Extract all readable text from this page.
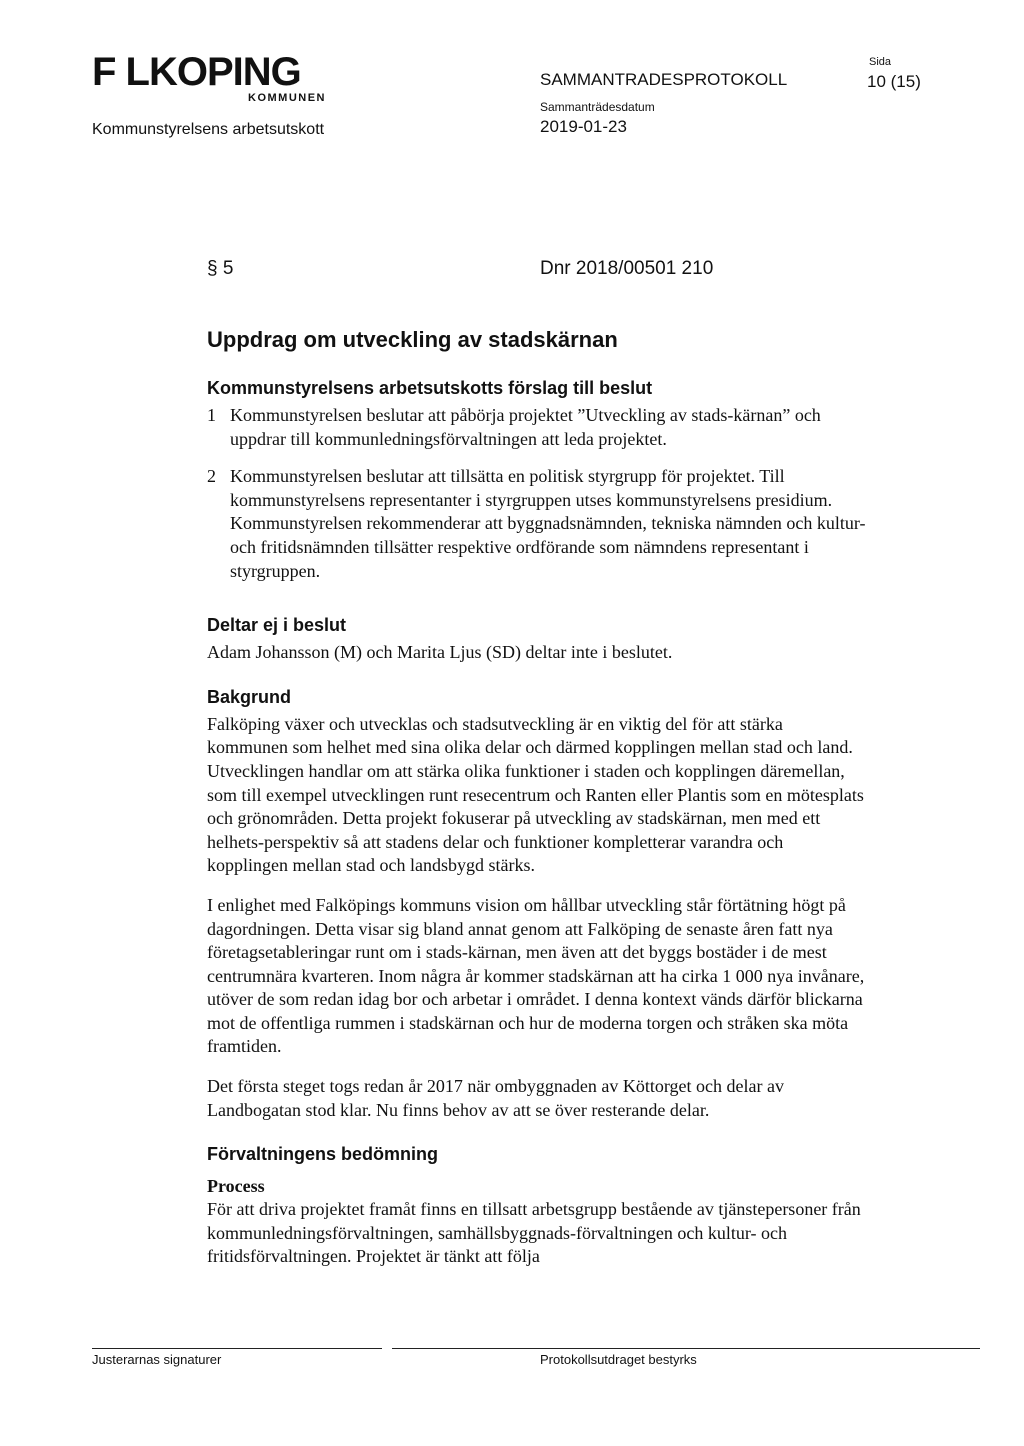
F LKOPING
KOMMUNEN
Kommunstyrelsens arbetsutskott
SAMMANTRADESPROTOKOLL
Sammanträdesdatum
2019-01-23
Sida
10 (15)
§ 5	Dnr 2018/00501 210
Uppdrag om utveckling av stadskärnan
Kommunstyrelsens arbetsutskotts förslag till beslut
1 Kommunstyrelsen beslutar att påbörja projektet ”Utveckling av stads-kärnan” och uppdrar till kommunledningsförvaltningen att leda projektet.
2 Kommunstyrelsen beslutar att tillsätta en politisk styrgrupp för projektet. Till kommunstyrelsens representanter i styrgruppen utses kommunstyrelsens presidium. Kommunstyrelsen rekommenderar att byggnadsnämnden, tekniska nämnden och kultur- och fritidsnämnden tillsätter respektive ordförande som nämndens representant i styrgruppen.
Deltar ej i beslut

Adam Johansson (M) och Marita Ljus (SD) deltar inte i beslutet.

Bakgrund

Falköping växer och utvecklas och stadsutveckling är en viktig del för att stärka kommunen som helhet med sina olika delar och därmed kopplingen mellan stad och land. Utvecklingen handlar om att stärka olika funktioner i staden och kopplingen däremellan, som till exempel utvecklingen runt resecentrum och Ranten eller Plantis som en mötesplats och grönområden. Detta projekt fokuserar på utveckling av stadskärnan, men med ett helhets-perspektiv så att stadens delar och funktioner kompletterar varandra och kopplingen mellan stad och landsbygd stärks.

I enlighet med Falköpings kommuns vision om hållbar utveckling står förtätning högt på dagordningen. Detta visar sig bland annat genom att Falköping de senaste åren fatt nya företagsetableringar runt om i stads-kärnan, men även att det byggs bostäder i de mest centrumnära kvarteren. Inom några år kommer stadskärnan att ha cirka 1 000 nya invånare, utöver de som redan idag bor och arbetar i området. I denna kontext vänds därför blickarna mot de offentliga rummen i stadskärnan och hur de moderna torgen och stråken ska möta framtiden.

Det första steget togs redan år 2017 när ombyggnaden av Köttorget och delar av Landbogatan stod klar. Nu finns behov av att se över resterande delar.

Förvaltningens bedömning
Process

För att driva projektet framåt finns en tillsatt arbetsgrupp bestående av tjänstepersoner från kommunledningsförvaltningen, samhällsbyggnads-förvaltningen och kultur- och fritidsförvaltningen. Projektet är tänkt att följa

Justerarnas signaturer	Protokollsutdraget bestyrks
